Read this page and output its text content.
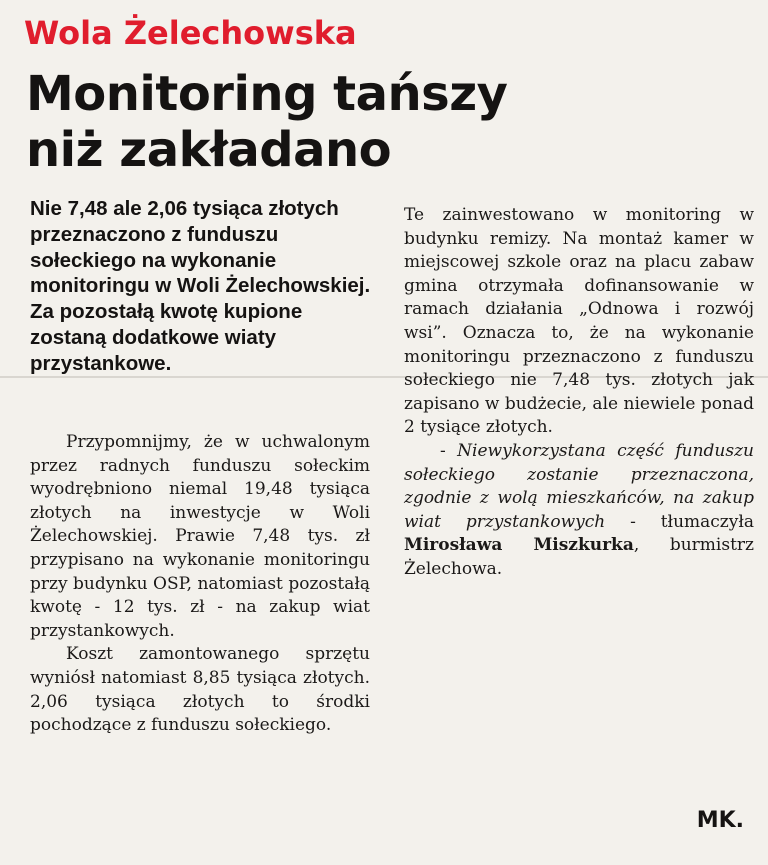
Wola Żelechowska
Monitoring tańszy
niż zakładano
Nie 7,48 ale 2,06 tysiąca złotych przeznaczono z funduszu sołeckiego na wykonanie monitoringu w Woli Żelechowskiej. Za pozostałą kwotę kupione zostaną dodatkowe wiaty przystankowe.

Przypomnijmy, że w uchwalonym przez radnych funduszu sołeckim wyodrębniono niemal 19,48 tysiąca złotych na inwestycje w Woli Żelechowskiej. Prawie 7,48 tys. zł przypisano na wykonanie monitoringu przy budynku OSP, natomiast pozostałą kwotę - 12 tys. zł - na zakup wiat przystankowych.

Koszt zamontowanego sprzętu wyniósł natomiast 8,85 tysiąca złotych. 2,06 tysiąca złotych to środki pochodzące z funduszu sołeckiego.

Te zainwestowano w monitoring w budynku remizy. Na montaż kamer w miejscowej szkole oraz na placu zabaw gmina otrzymała dofinansowanie w ramach działania „Odnowa i rozwój wsi”. Oznacza to, że na wykonanie monitoringu przeznaczono z funduszu sołeckiego nie 7,48 tys. złotych jak zapisano w budżecie, ale niewiele ponad 2 tysiące złotych.

- Niewykorzystana część funduszu sołeckiego zostanie przeznaczona, zgodnie z wolą mieszkańców, na zakup wiat przystankowych - tłumaczyła Mirosława Miszkurka, burmistrz Żelechowa.

MK.
